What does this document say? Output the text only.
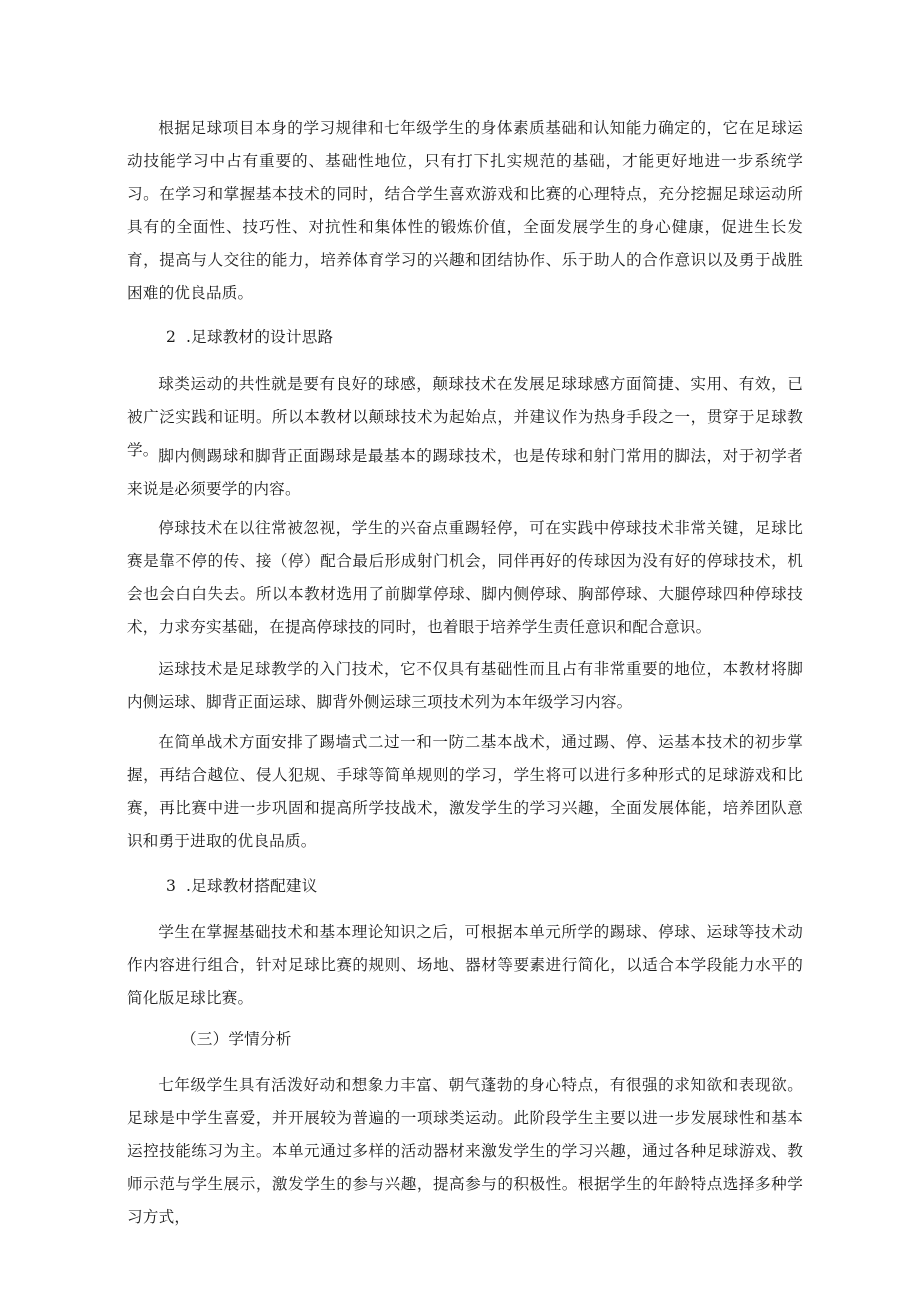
根据足球项目本身的学习规律和七年级学生的身体素质基础和认知能力确定的，它在足球运动技能学习中占有重要的、基础性地位，只有打下扎实规范的基础，才能更好地进一步系统学习。在学习和掌握基本技术的同时，结合学生喜欢游戏和比赛的心理特点，充分挖掘足球运动所具有的全面性、技巧性、对抗性和集体性的锻炼价值，全面发展学生的身心健康，促进生长发育，提高与人交往的能力，培养体育学习的兴趣和团结协作、乐于助人的合作意识以及勇于战胜困难的优良品质。

2 .足球教材的设计思路

球类运动的共性就是要有良好的球感，颠球技术在发展足球球感方面简捷、实用、有效，已被广泛实践和证明。所以本教材以颠球技术为起始点，并建议作为热身手段之一，贯穿于足球教学。 脚内侧踢球和脚背正面踢球是最基本的踢球技术，也是传球和射门常用的脚法，对于初学者来说是必须要学的内容。

停球技术在以往常被忽视，学生的兴奋点重踢轻停，可在实践中停球技术非常关键，足球比赛是靠不停的传、接（停）配合最后形成射门机会，同伴再好的传球因为没有好的停球技术，机会也会白白失去。所以本教材选用了前脚掌停球、脚内侧停球、胸部停球、大腿停球四种停球技术，力求夯实基础，在提高停球技的同时，也着眼于培养学生责任意识和配合意识。

运球技术是足球教学的入门技术，它不仅具有基础性而且占有非常重要的地位，本教材将脚内侧运球、脚背正面运球、脚背外侧运球三项技术列为本年级学习内容。

在简单战术方面安排了踢墙式二过一和一防二基本战术，通过踢、停、运基本技术的初步掌握，再结合越位、侵人犯规、手球等简单规则的学习，学生将可以进行多种形式的足球游戏和比赛，再比赛中进一步巩固和提高所学技战术，激发学生的学习兴趣，全面发展体能，培养团队意识和勇于进取的优良品质。

3 .足球教材搭配建议

学生在掌握基础技术和基本理论知识之后，可根据本单元所学的踢球、停球、运球等技术动作内容进行组合，针对足球比赛的规则、场地、器材等要素进行简化，以适合本学段能力水平的简化版足球比赛。

（三）学情分析

七年级学生具有活泼好动和想象力丰富、朝气蓬勃的身心特点，有很强的求知欲和表现欲。足球是中学生喜爱，并开展较为普遍的一项球类运动。此阶段学生主要以进一步发展球性和基本运控技能练习为主。本单元通过多样的活动器材来激发学生的学习兴趣，通过各种足球游戏、教师示范与学生展示，激发学生的参与兴趣，提高参与的积极性。根据学生的年龄特点选择多种学习方式，
